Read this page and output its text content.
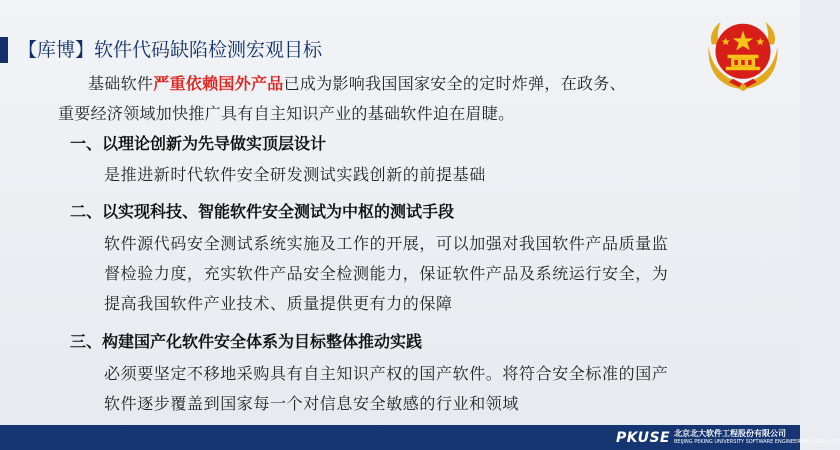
【库博】软件代码缺陷检测宏观目标
基础软件严重依赖国外产品已成为影响我国国家安全的定时炸弹，在政务、
重要经济领域加快推广具有自主知识产业的基础软件迫在眉睫。
一、以理论创新为先导做实顶层设计
是推进新时代软件安全研发测试实践创新的前提基础
二、以实现科技、智能软件安全测试为中枢的测试手段
软件源代码安全测试系统实施及工作的开展，可以加强对我国软件产品质量监
督检验力度，充实软件产品安全检测能力，保证软件产品及系统运行安全，为
提高我国软件产业技术、质量提供更有力的保障
三、构建国产化软件安全体系为目标整体推动实践
必须要坚定不移地采购具有自主知识产权的国产软件。将符合安全标准的国产
软件逐步覆盖到国家每一个对信息安全敏感的行业和领域
PKUSE 北京北大软件工程股份有限公司
BEIJING PEKING UNIVERSITY SOFTWARE ENGINEERING CORP., LTD.
